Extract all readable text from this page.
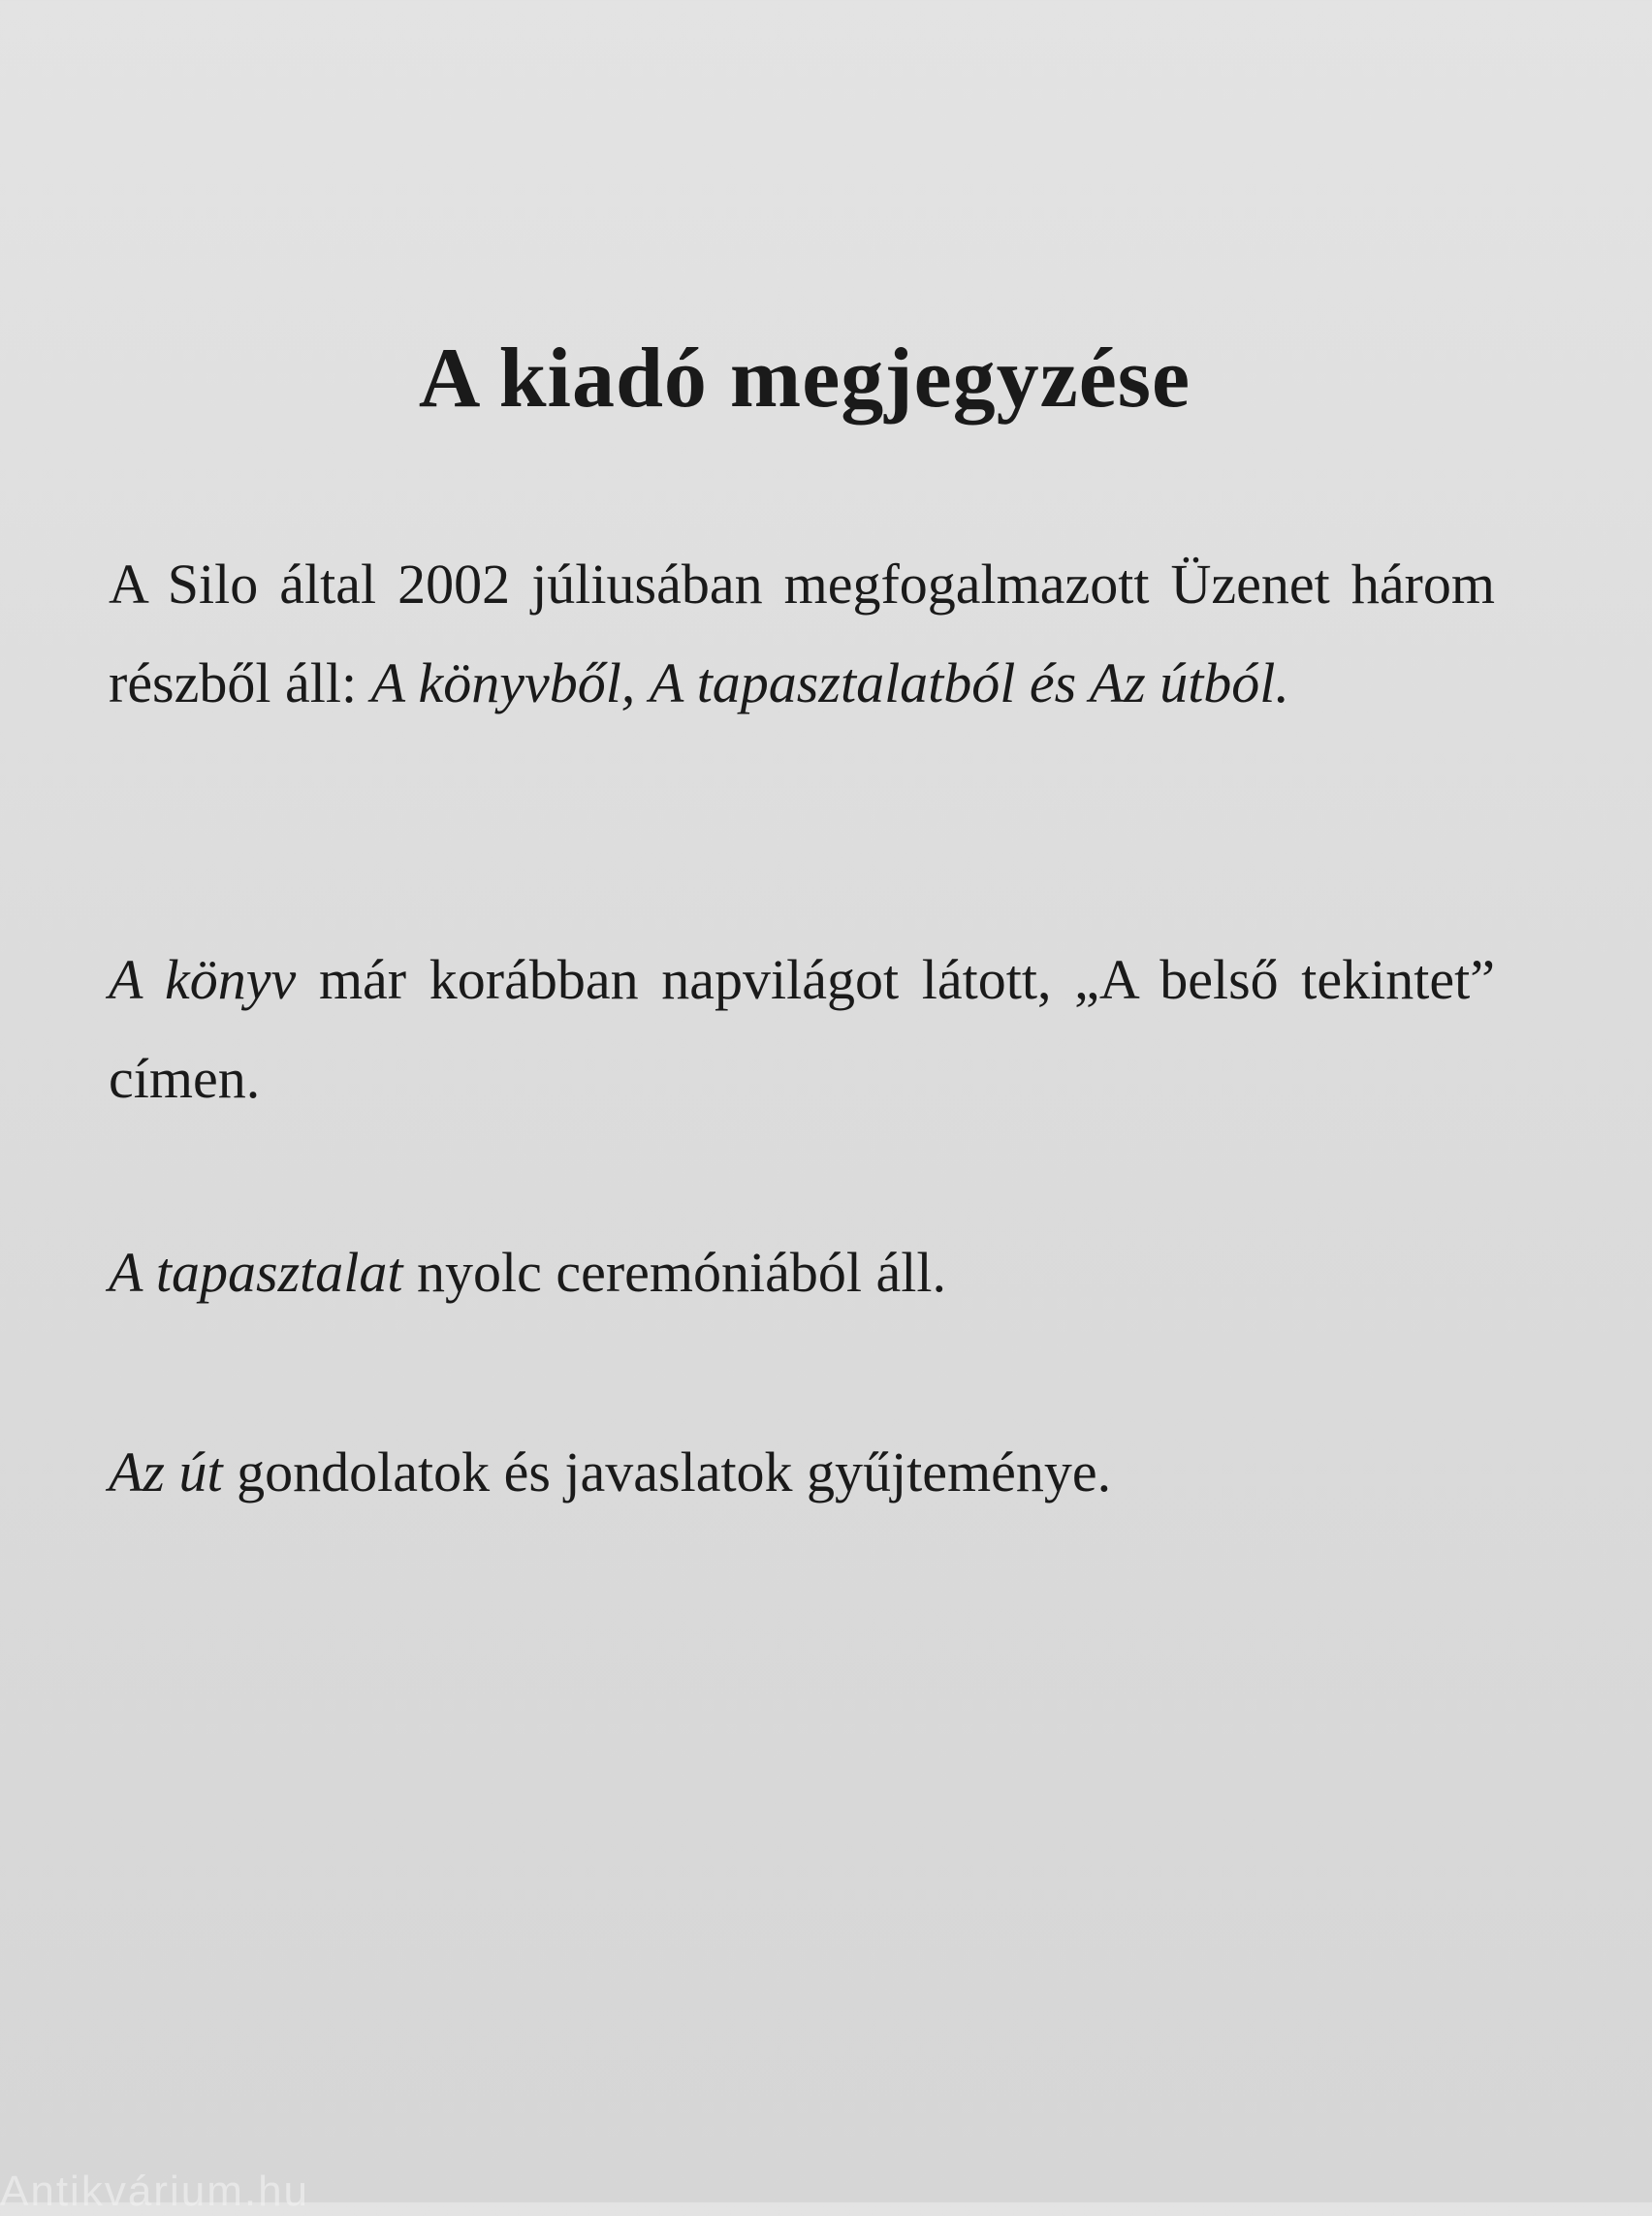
A kiadó megjegyzése

A Silo által 2002 júliusában megfogalmazott Üzenet három részből áll: A könyvből, A tapasztalatból és Az útból.

A könyv már korábban napvilágot látott, „A belső tekintet” címen.

A tapasztalat nyolc ceremóniából áll.

Az út gondolatok és javaslatok gyűjteménye.

Antikvárium.hu
